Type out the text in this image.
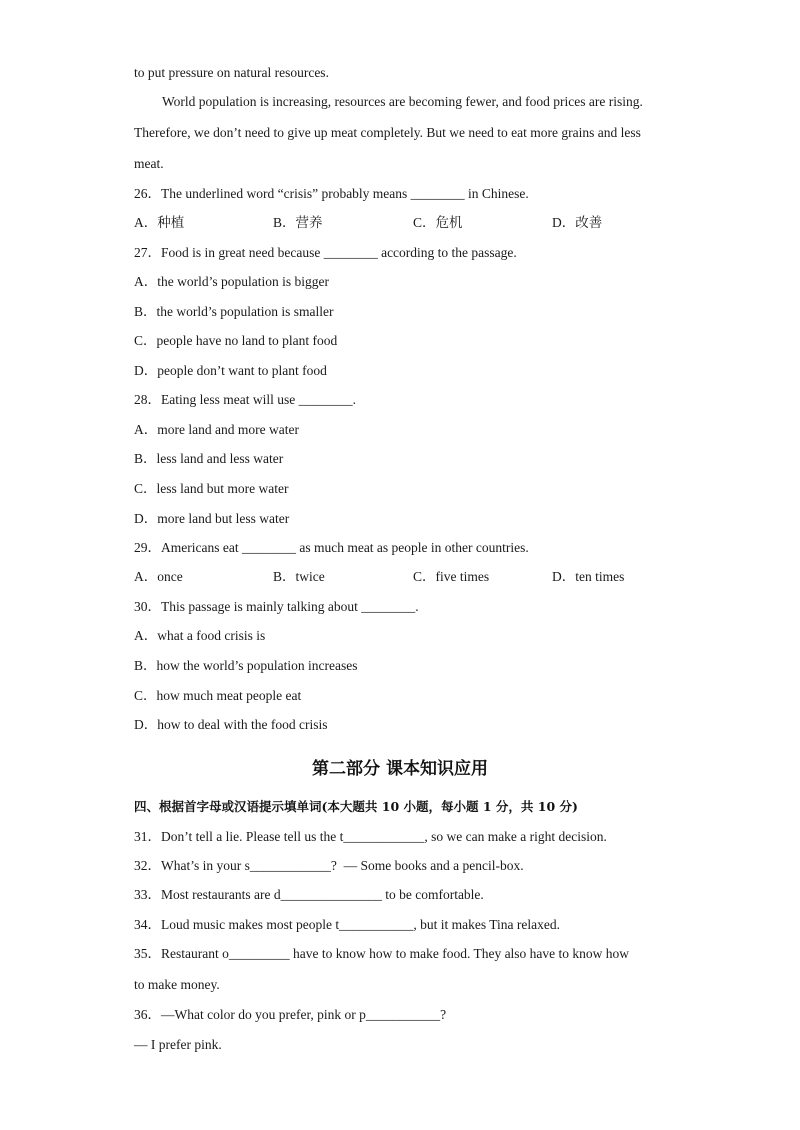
to put pressure on natural resources.
World population is increasing, resources are becoming fewer, and food prices are rising.
Therefore, we don’t need to give up meat completely. But we need to eat more grains and less
meat.
26．The underlined word “crisis” probably means ________ in Chinese.
A．种植	B．营养	C．危机	D．改善
27．Food is in great need because ________ according to the passage.
A．the world’s population is bigger
B．the world’s population is smaller
C．people have no land to plant food
D．people don’t want to plant food
28．Eating less meat will use ________.
A．more land and more water
B．less land and less water
C．less land but more water
D．more land but less water
29．Americans eat ________ as much meat as people in other countries.
A．once	B．twice	C．five times	D．ten times
30．This passage is mainly talking about ________.
A．what a food crisis is
B．how the world’s population increases
C．how much meat people eat
D．how to deal with the food crisis
第二部分 课本知识应用
四、根据首字母或汉语提示填单词(本大题共 10 小题，每小题 1 分，共 10 分)
31．Don’t tell a lie. Please tell us the t____________, so we can make a right decision.
32．What’s in your s____________?  — Some books and a pencil-box.
33．Most restaurants are d_______________ to be comfortable.
34．Loud music makes most people t___________, but it makes Tina relaxed.
35．Restaurant o_________ have to know how to make food. They also have to know how
to make money.
36．—What color do you prefer, pink or p___________?
— I prefer pink.
